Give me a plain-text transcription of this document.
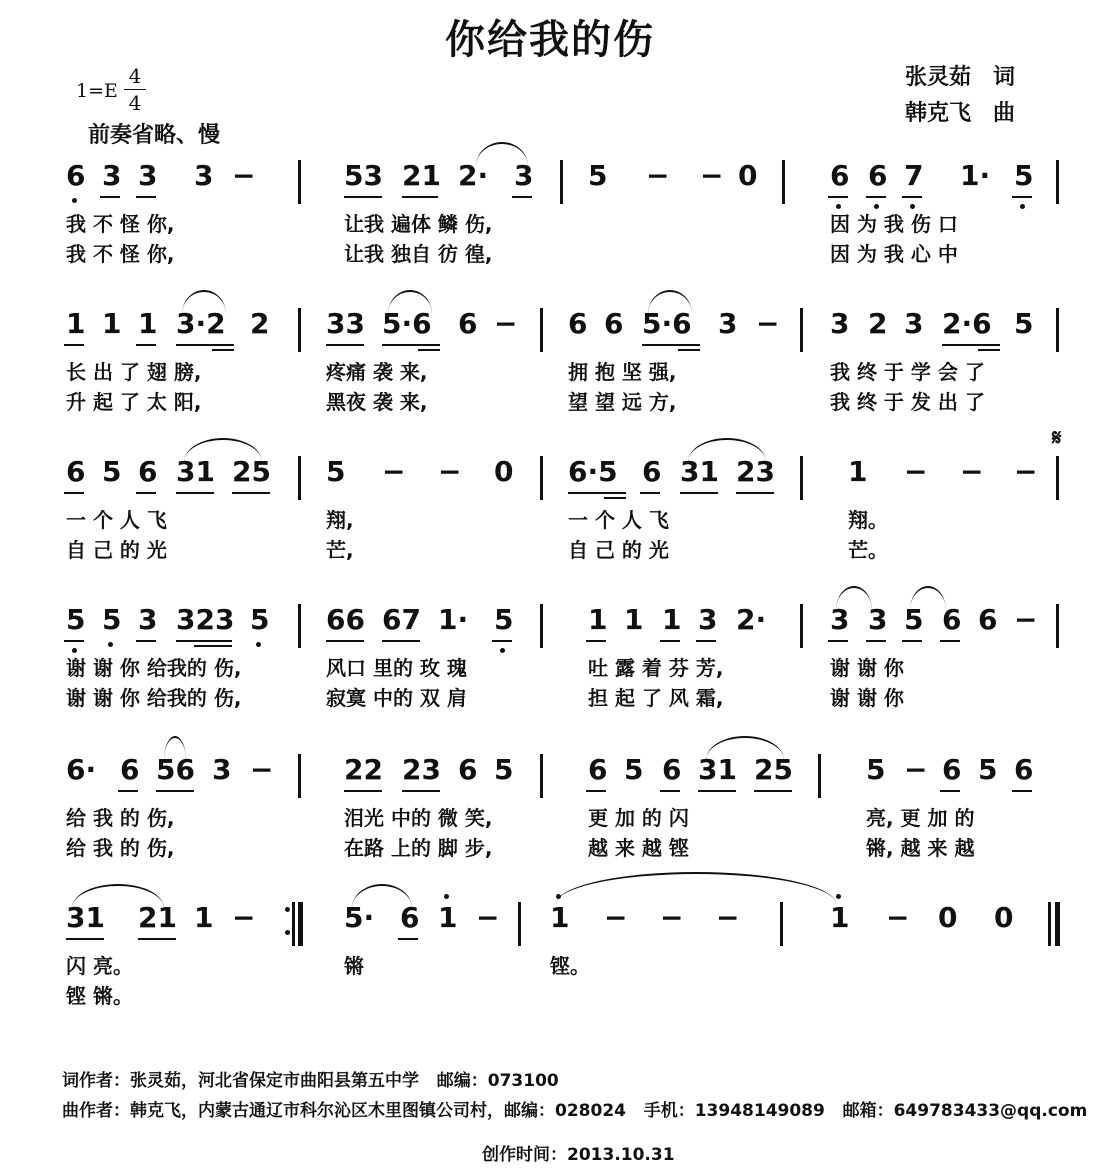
你给我的伤
张灵茹 词
韩克飞 曲
1=E
4
4
前奏省略、慢
𝄋
6 3 3 3 −	53 21 2· 3 5 − − 0	6 6 7 1· 5
我 不 怪 你,	让我 遍体 鳞 伤,	因 为 我 伤 口
我 不 怪 你,	让我 独自 彷 徨,	因 为 我 心 中
1 1 1 3·2 2 33 5·6 6 − 6 6 5·6 3 − 3 2 3 2·6 5
长 出 了 翅 膀,	疼痛 袭 来,	拥 抱 坚 强,	我 终 于 学 会 了
升 起 了 太 阳,	黑夜 袭 来,	望 望 远 方,	我 终 于 发 出 了
6 5 6 31 25 5 − − 0 6·5 6 31 23	1 − − −
一 个 人 飞	翔,	一 个 人 飞	翔。
自 己 的 光	芒,	自 己 的 光	芒。
5 5 3 323 5 66 67 1· 5	1 1 1 3 2· 3 3 5 6 6 −
谢 谢 你 给我的 伤,	风口 里的 玫 瑰	吐 露 着 芬 芳,	谢 谢 你
谢 谢 你 给我的 伤,	寂寞 中的 双 肩	担 起 了 风 霜,	谢 谢 你
6· 6 56 3 −	22 23 6 5	6 5 6 31 25	5 − 6 5 6
给 我 的 伤,	泪光 中的 微 笑,	更 加 的 闪	亮, 更 加 的
给 我 的 伤,	在路 上的 脚 步,	越 来 越 铿	锵, 越 来 越
31 21 1 −	5· 6 1 − 1 − − −	1 − 0 0
闪 亮。	锵	铿。
铿 锵。
词作者：张灵茹，河北省保定市曲阳县第五中学   邮编：073100
曲作者：韩克飞，内蒙古通辽市科尔沁区木里图镇公司村，邮编：028024   手机：13948149089   邮箱：649783433@qq.com
创作时间：2013.10.31
